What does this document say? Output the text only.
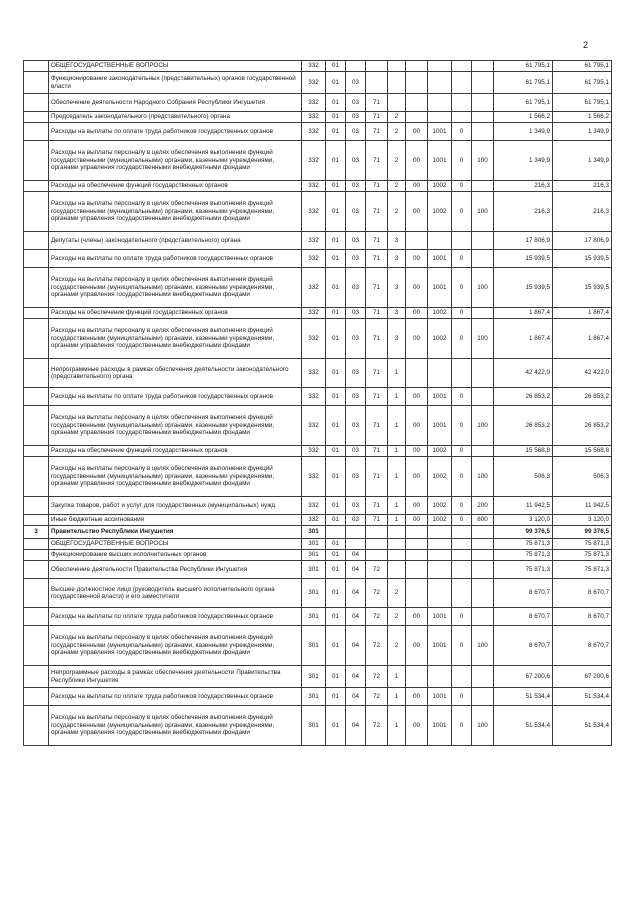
2
	ОБЩЕГОСУДАРСТВЕННЫЕ ВОПРОСЫ	332	01								61 795,1	61 795,1
	Функционирование законодательных (представительных) органов государственной власти	332	01	03							61 795,1	61 795,1
	Обеспечение деятельности Народного Собрания Республики Ингушетия	332	01	03	71						61 795,1	61 795,1
	Председатель законодательного (представительного) органа	332	01	03	71	2					1 566,2	1 566,2
	Расходы на выплаты по оплате труда работников государственных органов	332	01	03	71	2	00	1001	0		1 349,9	1 349,9
	Расходы на выплаты персоналу в целях обеспечения выполнения функций государственными (муниципальными) органами, казенными учреждениями, органами управления государственными внебюджетными фондами	332	01	03	71	2	00	1001	0	100	1 349,9	1 349,9
	Расходы на обеспечение функций государственных органов	332	01	03	71	2	00	1002	0		216,3	216,3
	Расходы на выплаты персоналу в целях обеспечения выполнения функций государственными (муниципальными) органами, казенными учреждениями, органами управления государственными внебюджетными фондами	332	01	03	71	2	00	1002	0	100	216,3	216,3
	Депутаты (члены) законодательного (представительного) органа	332	01	03	71	3					17 806,9	17 806,9
	Расходы на выплаты по оплате труда работников государственных органов	332	01	03	71	3	00	1001	0		15 939,5	15 939,5
	Расходы на выплаты персоналу в целях обеспечения выполнения функций государственными (муниципальными) органами, казенными учреждениями, органами управления государственными внебюджетными фондами	332	01	03	71	3	00	1001	0	100	15 939,5	15 939,5
	Расходы на обеспечение функций государственных органов	332	01	03	71	3	00	1002	0		1 867,4	1 867,4
	Расходы на выплаты персоналу в целях обеспечения выполнения функций государственными (муниципальными) органами, казенными учреждениями, органами управления государственными внебюджетными фондами	332	01	03	71	3	00	1002	0	100	1 867,4	1 867,4
	Непрограммные расходы в рамках обеспечения деятельности законодательного (представительного) органа	332	01	03	71	1					42 422,0	42 422,0
	Расходы на выплаты по оплате труда работников государственных органов	332	01	03	71	1	00	1001	0		26 853,2	26 853,2
	Расходы на выплаты персоналу в целях обеспечения выполнения функций государственными (муниципальными) органами, казенными учреждениями, органами управления государственными внебюджетными фондами	332	01	03	71	1	00	1001	0	100	26 853,2	26 853,2
	Расходы на обеспечение функций государственных органов	332	01	03	71	1	00	1002	0		15 568,8	15 568,8
	Расходы на выплаты персоналу в целях обеспечения выполнения функций государственными (муниципальными) органами, казенными учреждениями, органами управления государственными внебюджетными фондами	332	01	03	71	1	00	1002	0	100	506,3	506,3
	Закупка товаров, работ и услуг для государственных (муниципальных) нужд	332	01	03	71	1	00	1002	0	200	11 942,5	11 942,5
	Иные бюджетные ассигнования	332	01	03	71	1	00	1002	0	800	3 120,0	3 120,0
3	Правительство Республики Ингушетия	301									99 376,5	99 376,5
	ОБЩЕГОСУДАРСТВЕННЫЕ ВОПРОСЫ	301	01								75 871,3	75 871,3
	Функционирование высших исполнительных органов	301	01	04							75 871,3	75 871,3
	Обеспечение деятельности Правительства Республики Ингушетия	301	01	04	72						75 871,3	75 871,3
	Высшее должностное лицо (руководитель высшего исполнительного органа государственной власти) и его заместители	301	01	04	72	2					8 670,7	8 670,7
	Расходы на выплаты по оплате труда работников государственных органов	301	01	04	72	2	00	1001	0		8 670,7	8 670,7
	Расходы на выплаты персоналу в целях обеспечения выполнения функций государственными (муниципальными) органами, казенными учреждениями, органами управления государственными внебюджетными фондами	301	01	04	72	2	00	1001	0	100	8 670,7	8 670,7
	Непрограммные расходы в рамках обеспечения деятельности Правительства Республики Ингушетия	301	01	04	72	1					67 200,6	67 200,6
	Расходы на выплаты по оплате труда работников государственных органов	301	01	04	72	1	00	1001	0		51 534,4	51 534,4
	Расходы на выплаты персоналу в целях обеспечения выполнения функций государственными (муниципальными) органами, казенными учреждениями, органами управления государственными внебюджетными фондами	301	01	04	72	1	00	1001	0	100	51 534,4	51 534,4
